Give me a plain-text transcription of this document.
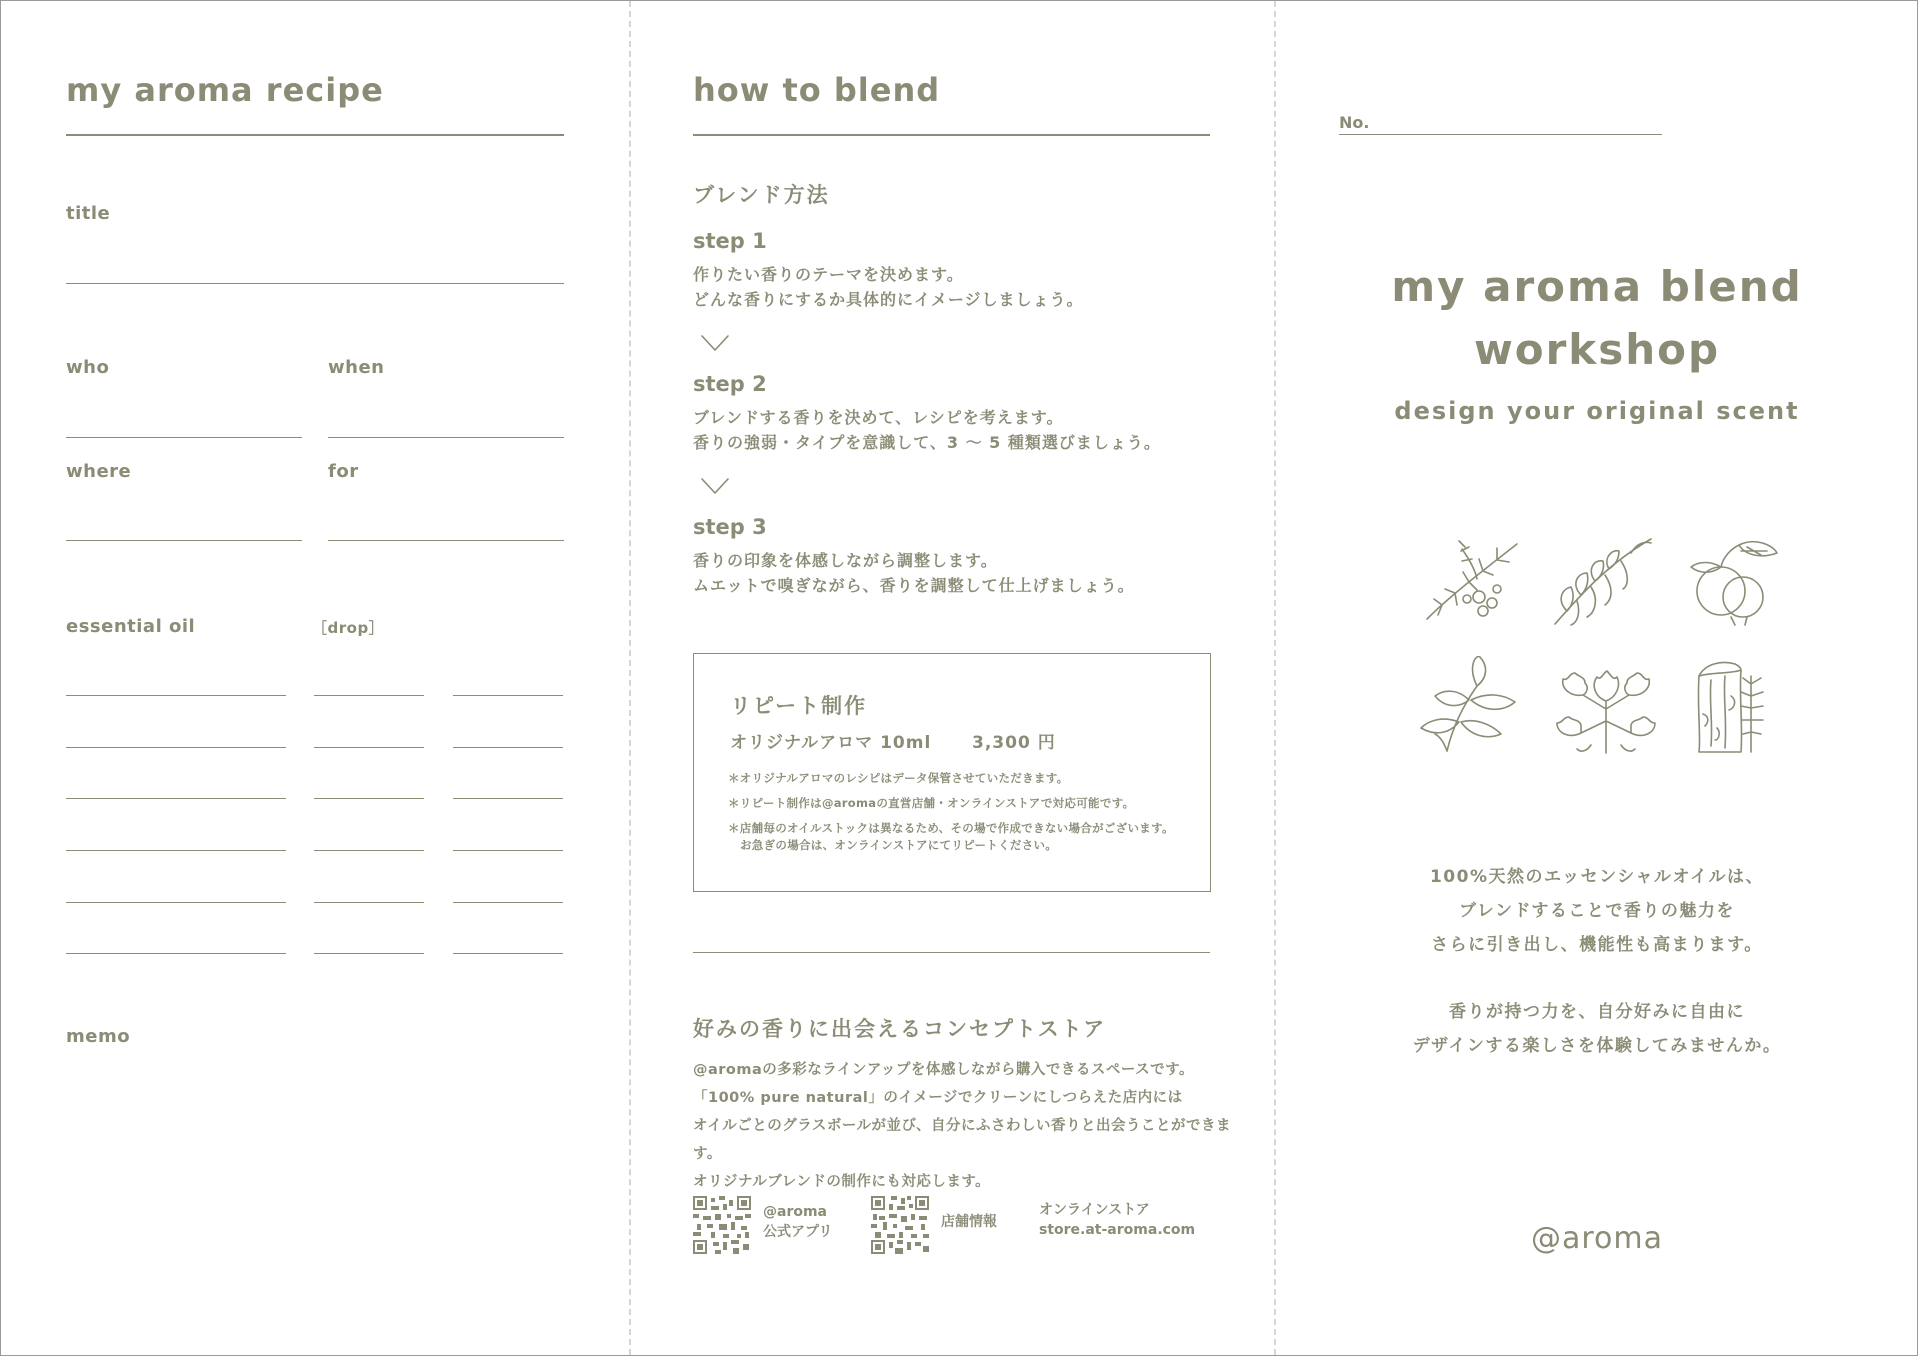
my aroma recipe
title
who	when
where	for
essential oil	［drop］
memo
how to blend
ブレンド方法
step 1
作りたい香りのテーマを決めます。
どんな香りにするか具体的にイメージしましょう。
step 2
ブレンドする香りを決めて、レシピを考えます。
香りの強弱・タイプを意識して、3 〜 5 種類選びましょう。
step 3
香りの印象を体感しながら調整します。
ムエットで嗅ぎながら、香りを調整して仕上げましょう。
リピート制作
オリジナルアロマ 10ml 3,300 円

＊オリジナルアロマのレシピはデータ保管させていただきます。

＊リピート制作は@aromaの直営店舗・オンラインストアで対応可能です。

＊店舗毎のオイルストックは異なるため、その場で作成できない場合がございます。

お急ぎの場合は、オンラインストアにてリピートください。

好みの香りに出会えるコンセプトストア
@aromaの多彩なラインアップを体感しながら購入できるスペースです。
「100% pure natural」のイメージでクリーンにしつらえた店内には
オイルごとのグラスボールが並び、自分にふさわしい香りと出会うことができます。
オリジナルブレンドの制作にも対応します。
@aroma
公式アプリ
店舗情報
オンラインストア
store.at-aroma.com
No.
my aroma blend
workshop
design your original scent
100%天然のエッセンシャルオイルは、
ブレンドすることで香りの魅力を
さらに引き出し、機能性も高まります。
香りが持つ力を、自分好みに自由に
デザインする楽しさを体験してみませんか。
@aroma
